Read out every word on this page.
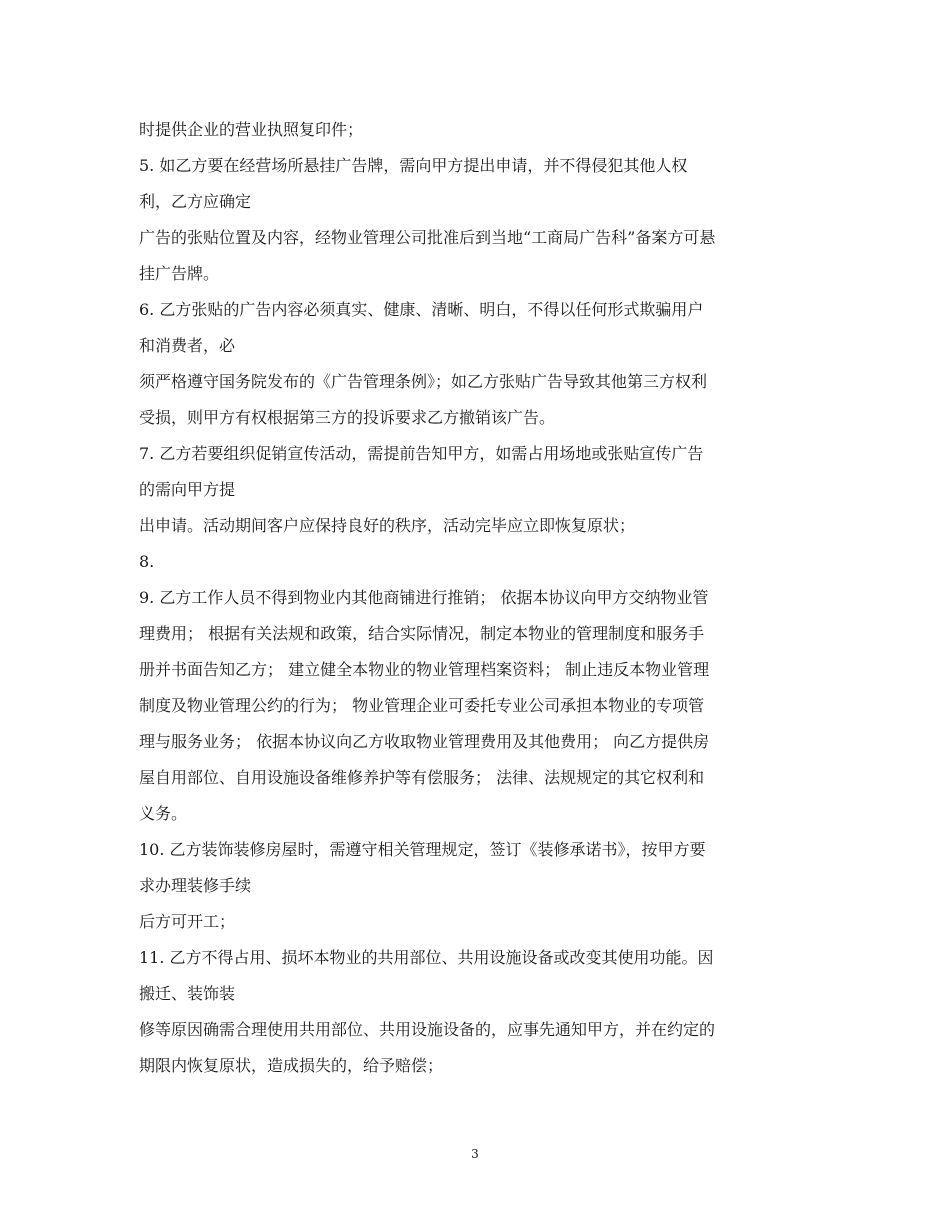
时提供企业的营业执照复印件；
5. 如乙方要在经营场所悬挂广告牌，需向甲方提出申请，并不得侵犯其他人权
利，乙方应确定
广告的张贴位置及内容，经物业管理公司批准后到当地“工商局广告科”备案方可悬
挂广告牌。
6. 乙方张贴的广告内容必须真实、健康、清晰、明白，不得以任何形式欺骗用户
和消费者，必
须严格遵守国务院发布的《广告管理条例》；如乙方张贴广告导致其他第三方权利
受损，则甲方有权根据第三方的投诉要求乙方撤销该广告。
7. 乙方若要组织促销宣传活动，需提前告知甲方，如需占用场地或张贴宣传广告
的需向甲方提
出申请。活动期间客户应保持良好的秩序，活动完毕应立即恢复原状；
8.
9. 乙方工作人员不得到物业内其他商铺进行推销； 依据本协议向甲方交纳物业管
理费用； 根据有关法规和政策，结合实际情况，制定本物业的管理制度和服务手
册并书面告知乙方； 建立健全本物业的物业管理档案资料； 制止违反本物业管理
制度及物业管理公约的行为； 物业管理企业可委托专业公司承担本物业的专项管
理与服务业务； 依据本协议向乙方收取物业管理费用及其他费用； 向乙方提供房
屋自用部位、自用设施设备维修养护等有偿服务； 法律、法规规定的其它权利和
义务。
10. 乙方装饰装修房屋时，需遵守相关管理规定，签订《装修承诺书》，按甲方要
求办理装修手续
后方可开工；
11. 乙方不得占用、损坏本物业的共用部位、共用设施设备或改变其使用功能。因
搬迁、装饰装
修等原因确需合理使用共用部位、共用设施设备的，应事先通知甲方，并在约定的
期限内恢复原状，造成损失的，给予赔偿；
3
